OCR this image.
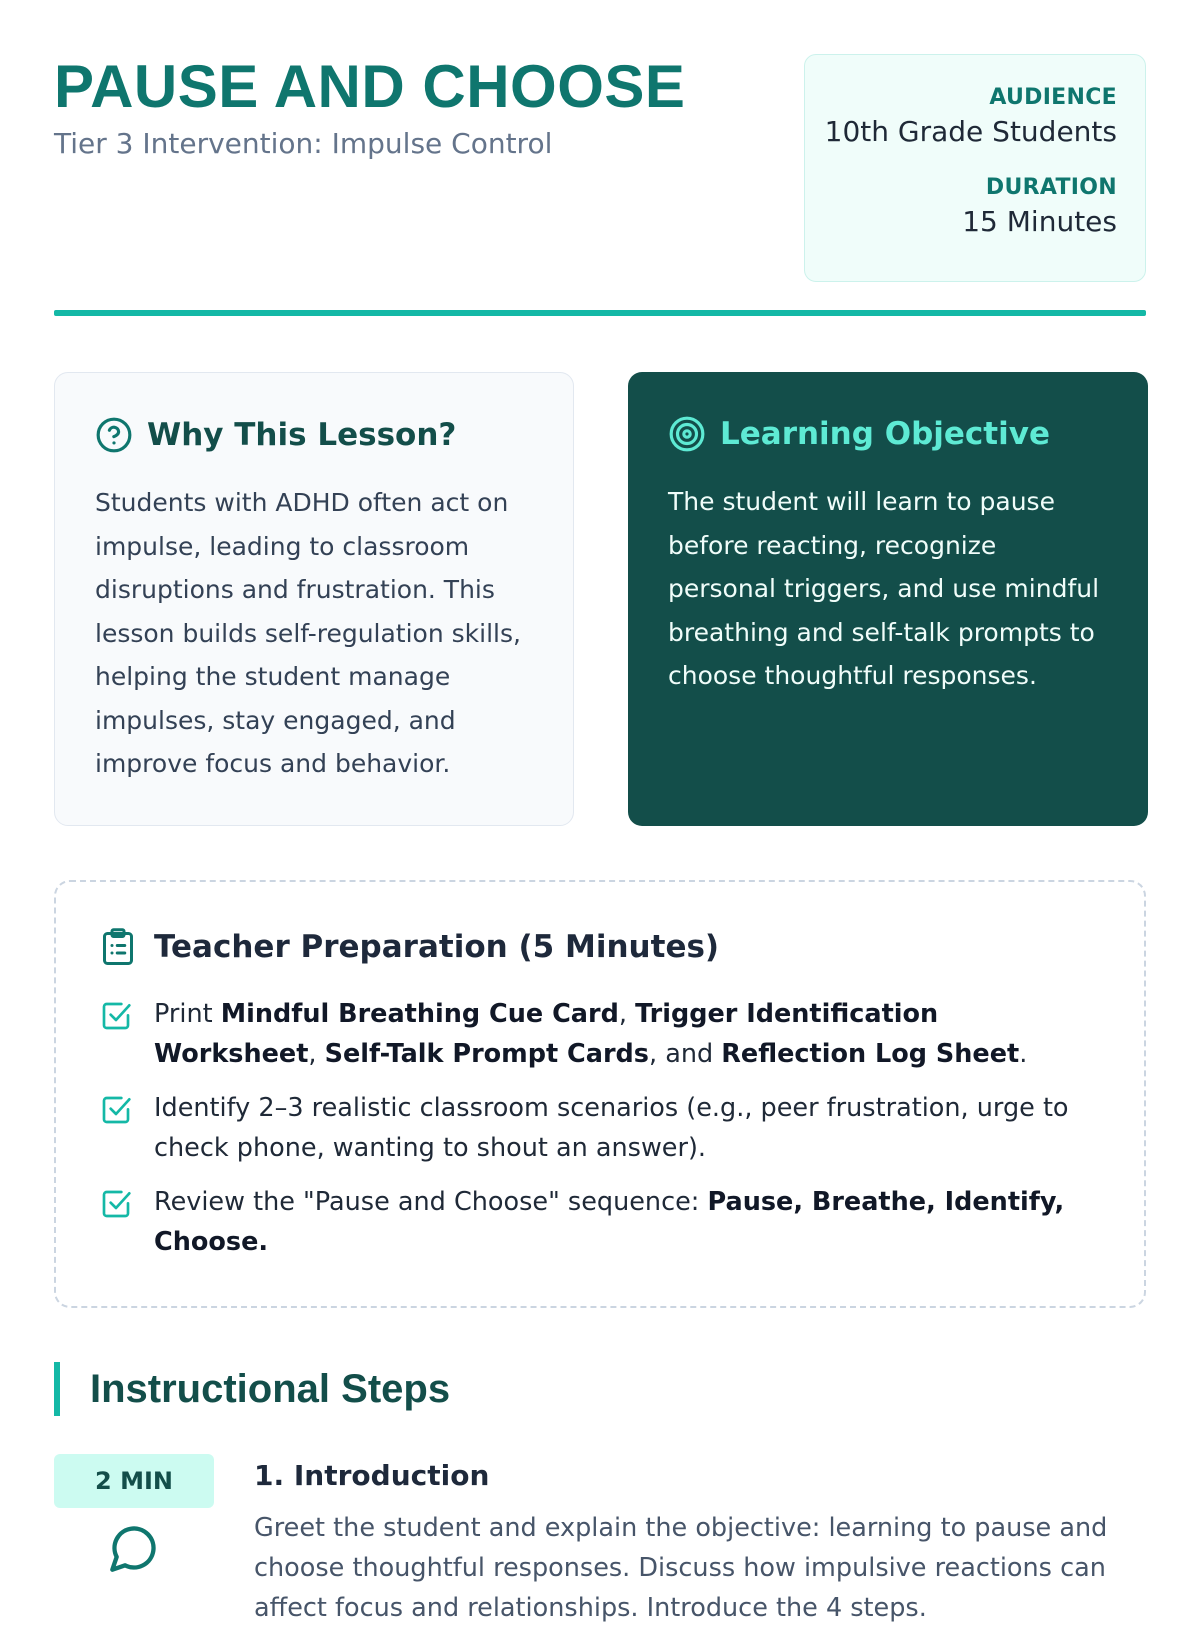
PAUSE AND CHOOSE
Tier 3 Intervention: Impulse Control
AUDIENCE
10th Grade Students
DURATION
15 Minutes
Why This Lesson?
Students with ADHD often act on impulse, leading to classroom disruptions and frustration. This lesson builds self-regulation skills, helping the student manage impulses, stay engaged, and improve focus and behavior.
Learning Objective
The student will learn to pause before reacting, recognize personal triggers, and use mindful breathing and self-talk prompts to choose thoughtful responses.
Teacher Preparation (5 Minutes)
Print Mindful Breathing Cue Card, Trigger Identification Worksheet, Self-Talk Prompt Cards, and Reflection Log Sheet.
Identify 2–3 realistic classroom scenarios (e.g., peer frustration, urge to check phone, wanting to shout an answer).
Review the "Pause and Choose" sequence: Pause, Breathe, Identify, Choose.
Instructional Steps
2 MIN	1. Introduction
Greet the student and explain the objective: learning to pause and choose thoughtful responses. Discuss how impulsive reactions can affect focus and relationships. Introduce the 4 steps.
